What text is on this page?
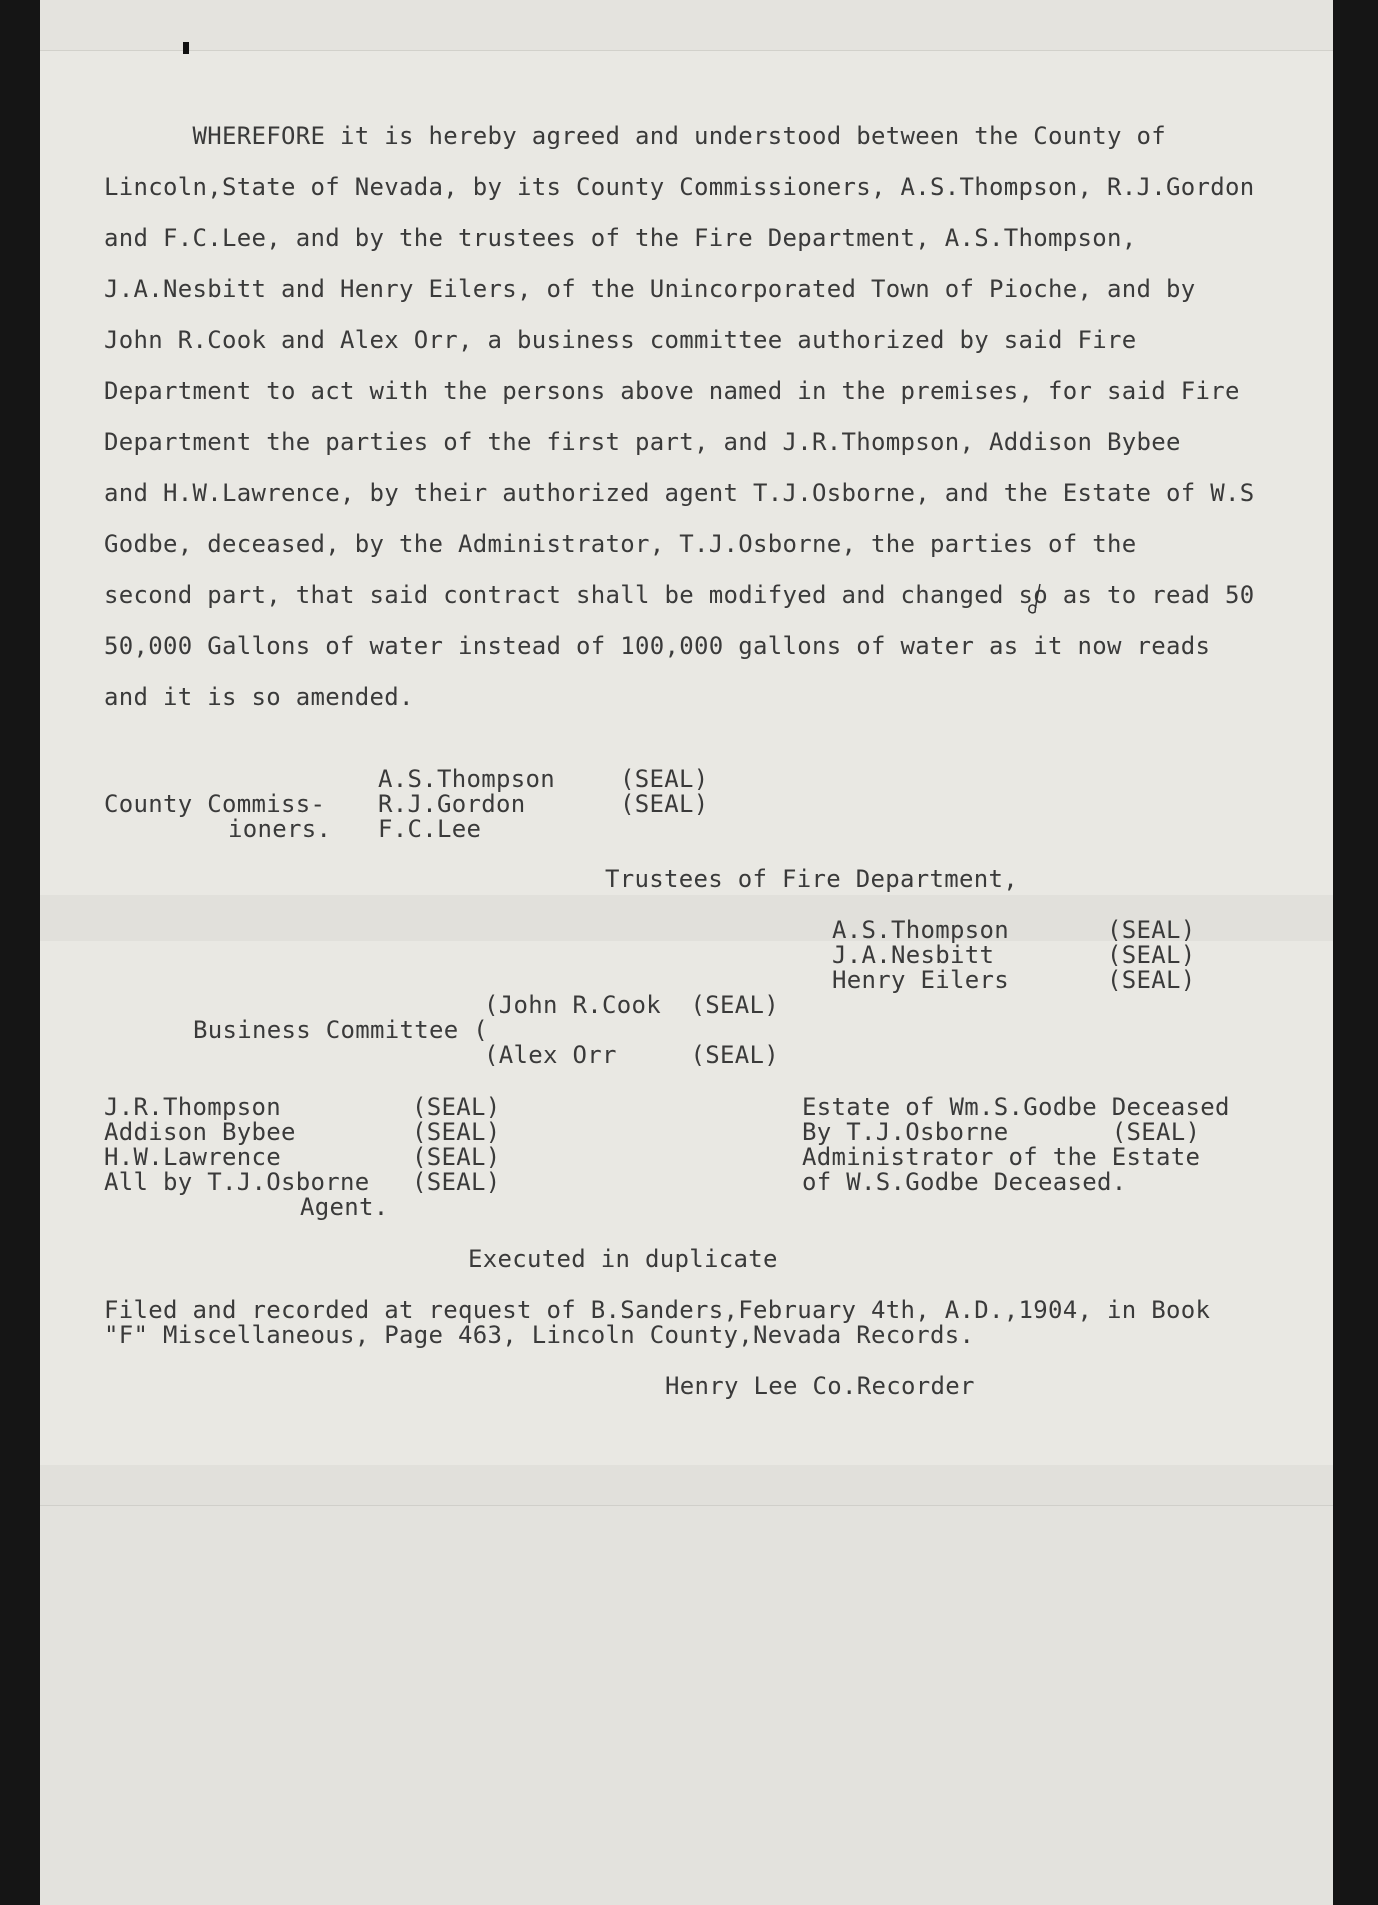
WHEREFORE it is hereby agreed and understood between the County of
Lincoln,State of Nevada, by its County Commissioners, A.S.Thompson, R.J.Gordon
and F.C.Lee, and by the trustees of the Fire Department, A.S.Thompson,
J.A.Nesbitt and Henry Eilers, of the Unincorporated Town of Pioche, and by
John R.Cook and Alex Orr, a business committee authorized by said Fire
Department to act with the persons above named in the premises, for said Fire
Department the parties of the first part, and J.R.Thompson, Addison Bybee
and H.W.Lawrence, by their authorized agent T.J.Osborne, and the Estate of W.S
Godbe, deceased, by the Administrator, T.J.Osborne, the parties of the
second part, that said contract shall be modifyed and changed so as to read 50
50,000 Gallons of water instead of 100,000 gallons of water as it now reads
and it is so amended.
County Commiss-
ioners.
A.S.Thompson
R.J.Gordon
F.C.Lee
(SEAL)
(SEAL)
Trustees of Fire Department,
A.S.Thompson
J.A.Nesbitt
Henry Eilers
(SEAL)
(SEAL)
(SEAL)
(John R.Cook  (SEAL)
Business Committee (
(Alex Orr     (SEAL)
J.R.Thompson
Addison Bybee
H.W.Lawrence
All by T.J.Osborne
(SEAL)
(SEAL)
(SEAL)
(SEAL)
Agent.
Estate of Wm.S.Godbe Deceased
By T.J.Osborne       (SEAL)
Administrator of the Estate
of W.S.Godbe Deceased.
Executed in duplicate
Filed and recorded at request of B.Sanders,February 4th, A.D.,1904, in Book
"F" Miscellaneous, Page 463, Lincoln County,Nevada Records.
Henry Lee Co.Recorder
